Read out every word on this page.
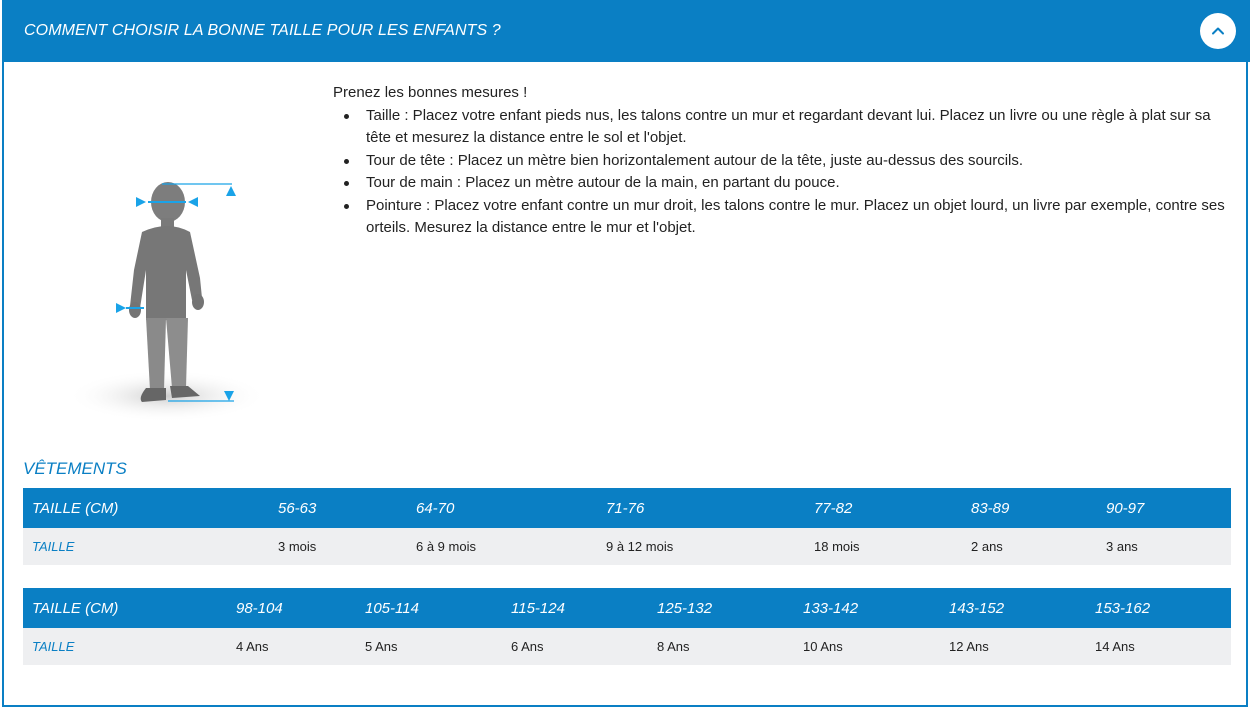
COMMENT CHOISIR LA BONNE TAILLE POUR LES ENFANTS ?

Prenez les bonnes mesures !

Taille : Placez votre enfant pieds nus, les talons contre un mur et regardant devant lui. Placez un livre ou une règle à plat sur sa tête et mesurez la distance entre le sol et l'objet.
Tour de tête : Placez un mètre bien horizontalement autour de la tête, juste au-dessus des sourcils.
Tour de main : Placez un mètre autour de la main, en partant du pouce.
Pointure : Placez votre enfant contre un mur droit, les talons contre le mur. Placez un objet lourd, un livre par exemple, contre ses orteils. Mesurez la distance entre le mur et l'objet.
VÊTEMENTS
TAILLE (CM)	56-63	64-70	71-76	77-82	83-89	90-97
TAILLE	3 mois	6 à 9 mois	9 à 12 mois	18 mois	2 ans	3 ans
TAILLE (CM)	98-104	105-114	115-124	125-132	133-142	143-152	153-162
TAILLE	4 Ans	5 Ans	6 Ans	8 Ans	10 Ans	12 Ans	14 Ans
